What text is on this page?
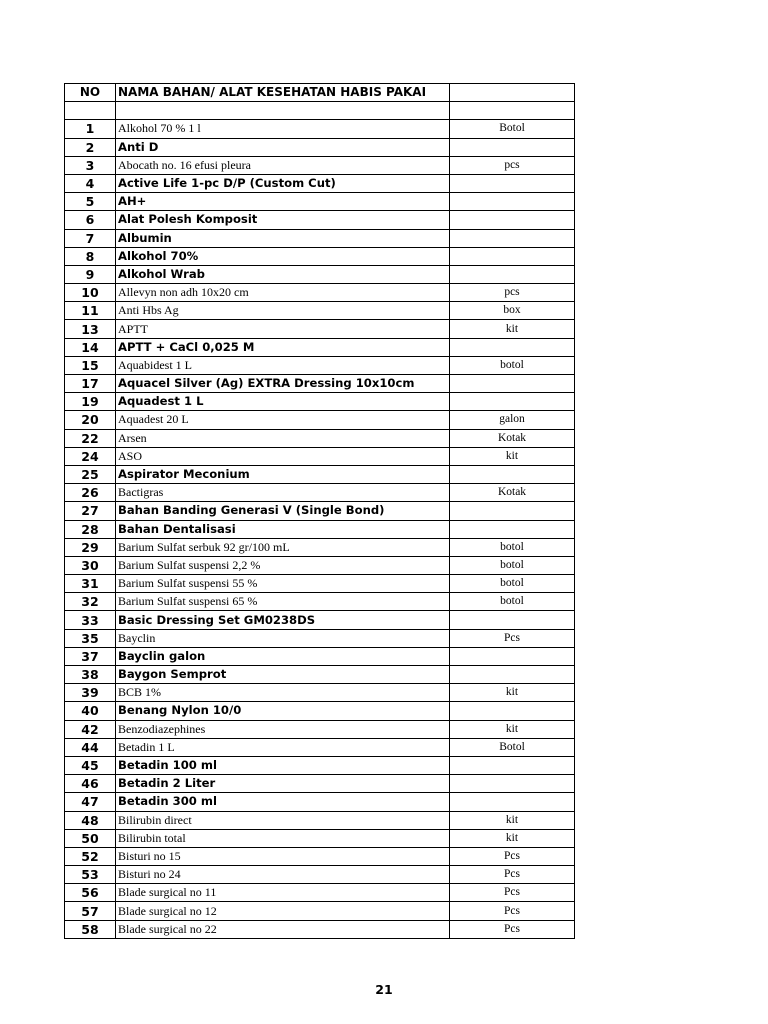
NO	NAMA BAHAN/ ALAT KESEHATAN HABIS PAKAI	

1	Alkohol 70 % 1 l	Botol
2	Anti D	
3	Abocath no. 16 efusi pleura	pcs
4	Active Life 1-pc D/P (Custom Cut)	
5	AH+	
6	Alat Polesh Komposit	
7	Albumin	
8	Alkohol 70%	
9	Alkohol Wrab	
10	Allevyn non adh 10x20 cm	pcs
11	Anti Hbs Ag	box
13	APTT	kit
14	APTT + CaCl 0,025 M	
15	Aquabidest 1 L	botol
17	Aquacel Silver (Ag) EXTRA Dressing 10x10cm	
19	Aquadest 1 L	
20	Aquadest 20 L	galon
22	Arsen	Kotak
24	ASO	kit
25	Aspirator Meconium	
26	Bactigras	Kotak
27	Bahan Banding Generasi V (Single Bond)	
28	Bahan Dentalisasi	
29	Barium Sulfat serbuk 92 gr/100 mL	botol
30	Barium Sulfat suspensi 2,2 %	botol
31	Barium Sulfat suspensi 55 %	botol
32	Barium Sulfat suspensi 65 %	botol
33	Basic Dressing Set GM0238DS	
35	Bayclin	Pcs
37	Bayclin galon	
38	Baygon Semprot	
39	BCB 1%	kit
40	Benang Nylon 10/0	
42	Benzodiazephines	kit
44	Betadin 1 L	Botol
45	Betadin 100 ml	
46	Betadin 2 Liter	
47	Betadin 300 ml	
48	Bilirubin direct	kit
50	Bilirubin total	kit
52	Bisturi no 15	Pcs
53	Bisturi no 24	Pcs
56	Blade surgical no 11	Pcs
57	Blade surgical no 12	Pcs
58	Blade surgical no 22	Pcs
21
